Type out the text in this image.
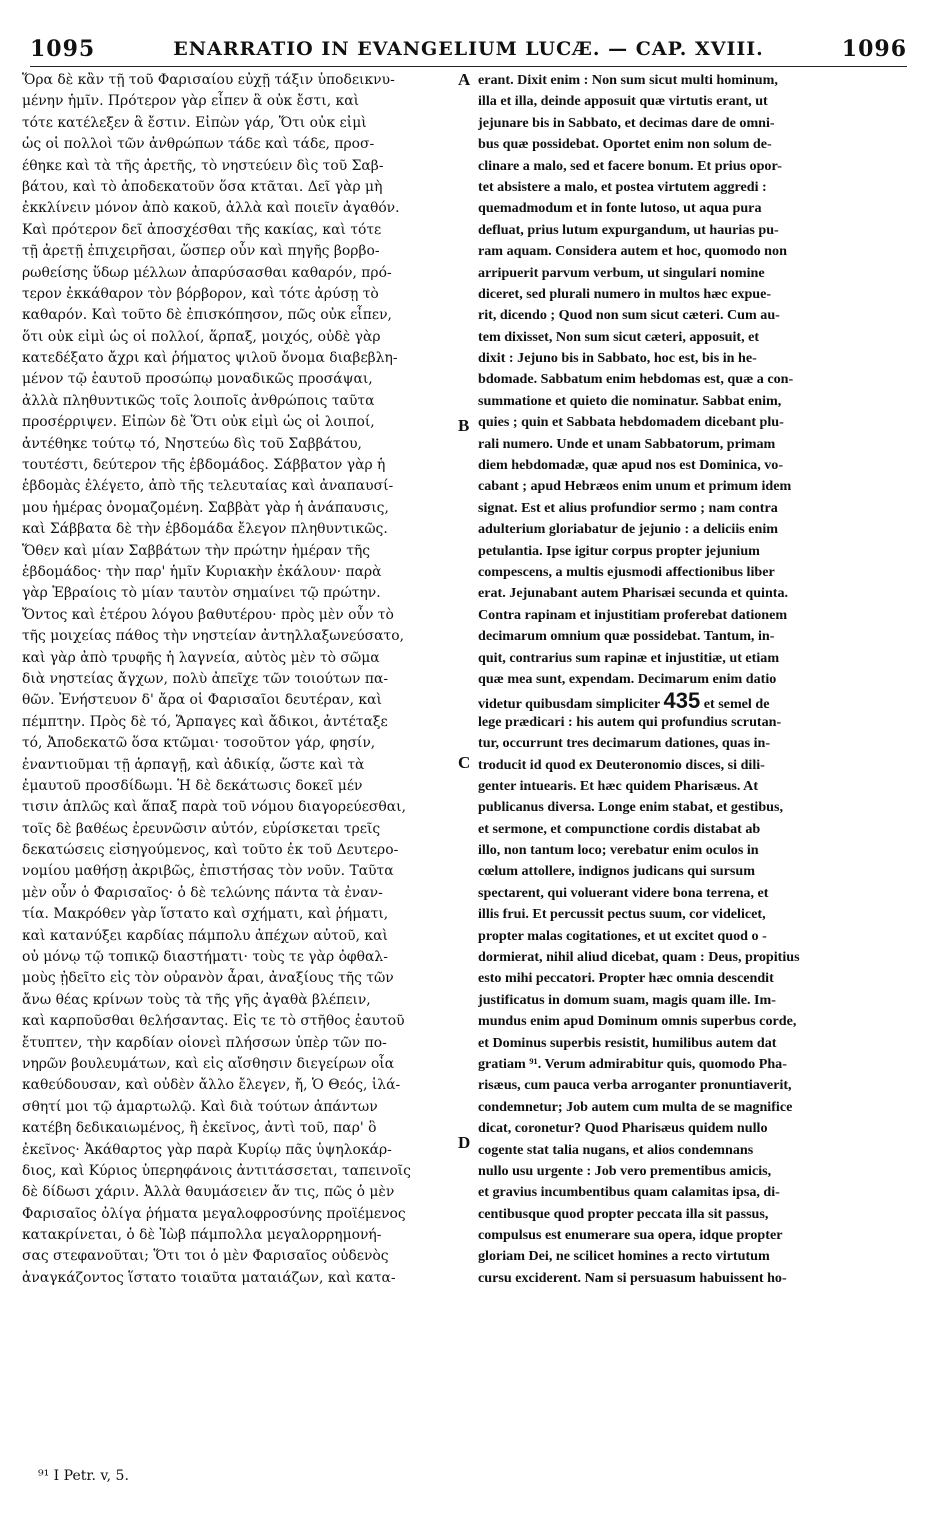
1095	ENARRATIO IN EVANGELIUM LUCÆ. — CAP. XVIII.	1096
Ὅρα δὲ κἂν τῇ τοῦ Φαρισαίου εὐχῇ τάξιν ὑποδεικνυ-
μένην ἡμῖν. Πρότερον γὰρ εἶπεν ἃ οὐκ ἔστι, καὶ
τότε κατέλεξεν ἃ ἔστιν. Εἰπὼν γάρ, Ὅτι οὐκ εἰμὶ
ὡς οἱ πολλοὶ τῶν ἀνθρώπων τάδε καὶ τάδε, προσ-
έθηκε καὶ τὰ τῆς ἀρετῆς, τὸ νηστεύειν δὶς τοῦ Σαβ-
βάτου, καὶ τὸ ἀποδεκατοῦν ὅσα κτᾶται. Δεῖ γὰρ μὴ
ἐκκλίνειν μόνον ἀπὸ κακοῦ, ἀλλὰ καὶ ποιεῖν ἀγαθόν.
Καὶ πρότερον δεῖ ἀποσχέσθαι τῆς κακίας, καὶ τότε
τῇ ἀρετῇ ἐπιχειρῆσαι, ὥσπερ οὖν καὶ πηγῆς βορβο-
ρωθείσης ὕδωρ μέλλων ἀπαρύσασθαι καθαρόν, πρό-
τερον ἐκκάθαρον τὸν βόρβορον, καὶ τότε ἀρύσῃ τὸ
καθαρόν. Καὶ τοῦτο δὲ ἐπισκόπησον, πῶς οὐκ εἶπεν,
ὅτι οὐκ εἰμὶ ὡς οἱ πολλοί, ἅρπαξ, μοιχός, οὐδὲ γὰρ
κατεδέξατο ἄχρι καὶ ῥήματος ψιλοῦ ὄνομα διαβεβλη-
μένον τῷ ἑαυτοῦ προσώπῳ μοναδικῶς προσάψαι,
ἀλλὰ πληθυντικῶς τοῖς λοιποῖς ἀνθρώποις ταῦτα
προσέρριψεν. Εἰπὼν δὲ Ὅτι οὐκ εἰμὶ ὡς οἱ λοιποί,
ἀντέθηκε τούτῳ τό, Νηστεύω δὶς τοῦ Σαββάτου,
τουτέστι, δεύτερον τῆς ἑβδομάδος. Σάββατον γὰρ ἡ
ἑβδομὰς ἐλέγετο, ἀπὸ τῆς τελευταίας καὶ ἀναπαυσί-
μου ἡμέρας ὀνομαζομένη. Σαββὰτ γὰρ ἡ ἀνάπαυσις,
καὶ Σάββατα δὲ τὴν ἑβδομάδα ἔλεγον πληθυντικῶς.
Ὅθεν καὶ μίαν Σαββάτων τὴν πρώτην ἡμέραν τῆς
ἑβδομάδος· τὴν παρ' ἡμῖν Κυριακὴν ἐκάλουν· παρὰ
γὰρ Ἑβραίοις τὸ μίαν ταυτὸν σημαίνει τῷ πρώτην.
Ὄντος καὶ ἑτέρου λόγου βαθυτέρου· πρὸς μὲν οὖν τὸ
τῆς μοιχείας πάθος τὴν νηστείαν ἀντηλλαξωνεύσατο,
καὶ γὰρ ἀπὸ τρυφῆς ἡ λαγνεία, αὐτὸς μὲν τὸ σῶμα
διὰ νηστείας ἄγχων, πολὺ ἀπεῖχε τῶν τοιούτων πα-
θῶν. Ἐνήστευον δ' ἄρα οἱ Φαρισαῖοι δευτέραν, καὶ
πέμπτην. Πρὸς δὲ τό, Ἅρπαγες καὶ ἄδικοι, ἀντέταξε
τό, Ἀποδεκατῶ ὅσα κτῶμαι· τοσοῦτον γάρ, φησίν,
ἐναντιοῦμαι τῇ ἁρπαγῇ, καὶ ἀδικίᾳ, ὥστε καὶ τὰ
ἐμαυτοῦ προσδίδωμι. Ἡ δὲ δεκάτωσις δοκεῖ μέν
τισιν ἁπλῶς καὶ ἅπαξ παρὰ τοῦ νόμου διαγορεύεσθαι,
τοῖς δὲ βαθέως ἐρευνῶσιν αὐτόν, εὑρίσκεται τρεῖς
δεκατώσεις εἰσηγούμενος, καὶ τοῦτο ἐκ τοῦ Δευτερο-
νομίου μαθήσῃ ἀκριβῶς, ἐπιστήσας τὸν νοῦν. Ταῦτα
μὲν οὖν ὁ Φαρισαῖος· ὁ δὲ τελώνης πάντα τὰ ἐναν-
τία. Μακρόθεν γὰρ ἵστατο καὶ σχήματι, καὶ ῥήματι,
καὶ κατανύξει καρδίας πάμπολυ ἀπέχων αὐτοῦ, καὶ
οὐ μόνῳ τῷ τοπικῷ διαστήματι· τοὺς τε γὰρ ὀφθαλ-
μοὺς ᾐδεῖτο εἰς τὸν οὐρανὸν ἆραι, ἀναξίους τῆς τῶν
ἄνω θέας κρίνων τοὺς τὰ τῆς γῆς ἀγαθὰ βλέπειν,
καὶ καρποῦσθαι θελήσαντας. Εἰς τε τὸ στῆθος ἑαυτοῦ
ἔτυπτεν, τὴν καρδίαν οἱονεὶ πλήσσων ὑπὲρ τῶν πο-
νηρῶν βουλευμάτων, καὶ εἰς αἴσθησιν διεγείρων οἷα
καθεύδουσαν, καὶ οὐδὲν ἄλλο ἔλεγεν, ἤ, Ὁ Θεός, ἱλά-
σθητί μοι τῷ ἁμαρτωλῷ. Καὶ διὰ τούτων ἁπάντων
κατέβη δεδικαιωμένος, ἢ ἐκεῖνος, ἀντὶ τοῦ, παρ' ὃ
ἐκεῖνος· Ἀκάθαρτος γὰρ παρὰ Κυρίῳ πᾶς ὑψηλοκάρ-
διος, καὶ Κύριος ὑπερηφάνοις ἀντιτάσσεται, ταπεινοῖς
δὲ δίδωσι χάριν. Ἀλλὰ θαυμάσειεν ἄν τις, πῶς ὁ μὲν
Φαρισαῖος ὀλίγα ῥήματα μεγαλοφροσύνης προϊέμενος
κατακρίνεται, ὁ δὲ Ἰὼβ πάμπολλα μεγαλορρημονή-
σας στεφανοῦται; Ὅτι τοι ὁ μὲν Φαρισαῖος οὐδενὸς
ἀναγκάζοντος ἵστατο τοιαῦτα ματαιάζων, καὶ κατα-
erant. Dixit enim : Non sum sicut multi hominum,
illa et illa, deinde apposuit quæ virtutis erant, ut
jejunare bis in Sabbato, et decimas dare de omni-
bus quæ possidebat. Oportet enim non solum de-
clinare a malo, sed et facere bonum. Et prius opor-
tet absistere a malo, et postea virtutem aggredi :
quemadmodum et in fonte lutoso, ut aqua pura
defluat, prius lutum expurgandum, ut haurias pu-
ram aquam. Considera autem et hoc, quomodo non
arripuerit parvum verbum, ut singulari nomine
diceret, sed plurali numero in multos hæc expue-
rit, dicendo ; Quod non sum sicut cæteri. Cum au-
tem dixisset, Non sum sicut cæteri, apposuit, et
dixit : Jejuno bis in Sabbato, hoc est, bis in he-
bdomade. Sabbatum enim hebdomas est, quæ a con-
summatione et quieto die nominatur. Sabbat enim,
quies ; quin et Sabbata hebdomadem dicebant plu-
rali numero. Unde et unam Sabbatorum, primam
diem hebdomadæ, quæ apud nos est Dominica, vo-
cabant ; apud Hebræos enim unum et primum idem
signat. Est et alius profundior sermo ; nam contra
adulterium gloriabatur de jejunio : a deliciis enim
petulantia. Ipse igitur corpus propter jejunium
compescens, a multis ejusmodi affectionibus liber
erat. Jejunabant autem Pharisæi secunda et quinta.
Contra rapinam et injustitiam proferebat dationem
decimarum omnium quæ possidebat. Tantum, in-
quit, contrarius sum rapinæ et injustitiæ, ut etiam
quæ mea sunt, expendam. Decimarum enim datio
videtur quibusdam simpliciter 435 et semel de
lege prædicari : his autem qui profundius scrutan-
tur, occurrunt tres decimarum dationes, quas in-
troducit id quod ex Deuteronomio disces, si dili-
genter intuearis. Et hæc quidem Pharisæus. At
publicanus diversa. Longe enim stabat, et gestibus,
et sermone, et compunctione cordis distabat ab
illo, non tantum loco; verebatur enim oculos in
cœlum attollere, indignos judicans qui sursum
spectarent, qui voluerant videre bona terrena, et
illis frui. Et percussit pectus suum, cor videlicet,
propter malas cogitationes, et ut excitet quod o -
dormierat, nihil aliud dicebat, quam : Deus, propitius
esto mihi peccatori. Propter hæc omnia descendit
justificatus in domum suam, magis quam ille. Im-
mundus enim apud Dominum omnis superbus corde,
et Dominus superbis resistit, humilibus autem dat
gratiam ⁹¹. Verum admirabitur quis, quomodo Pha-
risæus, cum pauca verba arroganter pronuntiaverit,
condemnetur; Job autem cum multa de se magnifice
dicat, coronetur? Quod Pharisæus quidem nullo
cogente stat talia nugans, et alios condemnans
nullo usu urgente : Job vero prementibus amicis,
et gravius incumbentibus quam calamitas ipsa, di-
centibusque quod propter peccata illa sit passus,
compulsus est enumerare sua opera, idque propter
gloriam Dei, ne scilicet homines a recto virtutum
cursu exciderent. Nam si persuasum habuissent ho-
A
B
C
D
⁹¹ I Petr. v, 5.
